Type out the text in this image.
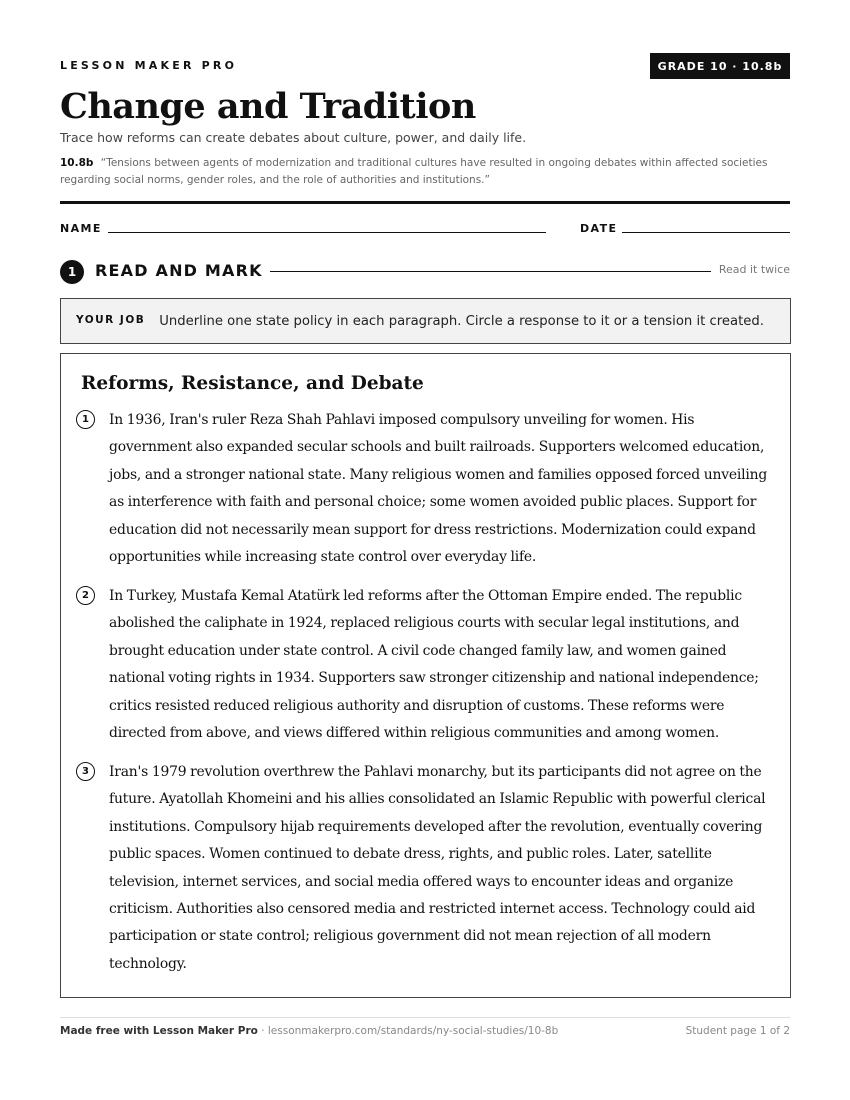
LESSON MAKER PRO	GRADE 10 · 10.8b
Change and Tradition
Trace how reforms can create debates about culture, power, and daily life.
10.8b “Tensions between agents of modernization and traditional cultures have resulted in ongoing debates within affected societies regarding social norms, gender roles, and the role of authorities and institutions.”
NAME	DATE
1	READ AND MARK	Read it twice
YOUR JOB Underline one state policy in each paragraph. Circle a response to it or a tension it created.
Reforms, Resistance, and Debate
1	In 1936, Iran's ruler Reza Shah Pahlavi imposed compulsory unveiling for women. His government also expanded secular schools and built railroads. Supporters welcomed education, jobs, and a stronger national state. Many religious women and families opposed forced unveiling as interference with faith and personal choice; some women avoided public places. Support for education did not necessarily mean support for dress restrictions. Modernization could expand opportunities while increasing state control over everyday life.
2	In Turkey, Mustafa Kemal Atatürk led reforms after the Ottoman Empire ended. The republic abolished the caliphate in 1924, replaced religious courts with secular legal institutions, and brought education under state control. A civil code changed family law, and women gained national voting rights in 1934. Supporters saw stronger citizenship and national independence; critics resisted reduced religious authority and disruption of customs. These reforms were directed from above, and views differed within religious communities and among women.
3	Iran's 1979 revolution overthrew the Pahlavi monarchy, but its participants did not agree on the future. Ayatollah Khomeini and his allies consolidated an Islamic Republic with powerful clerical institutions. Compulsory hijab requirements developed after the revolution, eventually covering public spaces. Women continued to debate dress, rights, and public roles. Later, satellite television, internet services, and social media offered ways to encounter ideas and organize criticism. Authorities also censored media and restricted internet access. Technology could aid participation or state control; religious government did not mean rejection of all modern technology.
Made free with Lesson Maker Pro · lessonmakerpro.com/standards/ny-social-studies/10-8b	Student page 1 of 2
